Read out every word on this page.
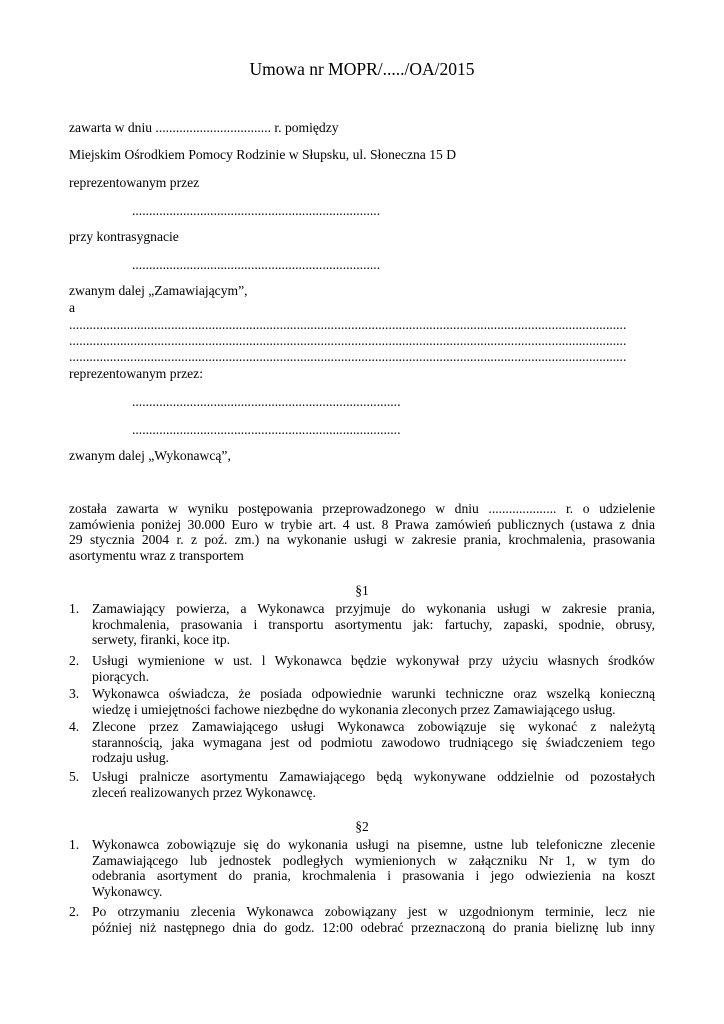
Umowa nr MOPR/...../OA/2015
zawarta w dniu .................................. r. pomiędzy
Miejskim Ośrodkiem Pomocy Rodzinie w Słupsku, ul. Słoneczna 15 D
reprezentowanym przez
.........................................................................
przy kontrasygnacie
.........................................................................
zwanym dalej „Zamawiającym”,
a
....................................................................................................................................................................
....................................................................................................................................................................
....................................................................................................................................................................
reprezentowanym przez:
...............................................................................
...............................................................................
zwanym dalej „Wykonawcą”,
została zawarta w wyniku postępowania przeprowadzonego w dniu .................... r. o udzielenie
zamówienia poniżej 30.000 Euro w trybie art. 4 ust. 8 Prawa zamówień publicznych (ustawa z dnia
29 stycznia 2004 r. z poź. zm.) na wykonanie usługi w zakresie prania, krochmalenia, prasowania
asortymentu wraz z transportem
§1
1. Zamawiający powierza, a Wykonawca przyjmuje do wykonania usługi w zakresie prania,
krochmalenia, prasowania i transportu asortymentu jak: fartuchy, zapaski, spodnie, obrusy,
serwety, firanki, koce itp.
2. Usługi wymienione w ust. l Wykonawca będzie wykonywał przy użyciu własnych środków
piorących.
3. Wykonawca oświadcza, że posiada odpowiednie warunki techniczne oraz wszelką konieczną
wiedzę i umiejętności fachowe niezbędne do wykonania zleconych przez Zamawiającego usług.
4. Zlecone przez Zamawiającego usługi Wykonawca zobowiązuje się wykonać z należytą
starannością, jaka wymagana jest od podmiotu zawodowo trudniącego się świadczeniem tego
rodzaju usług.
5. Usługi pralnicze asortymentu Zamawiającego będą wykonywane oddzielnie od pozostałych
zleceń realizowanych przez Wykonawcę.
§2
1. Wykonawca zobowiązuje się do wykonania usługi na pisemne, ustne lub telefoniczne zlecenie
Zamawiającego lub jednostek podległych wymienionych w załączniku Nr 1, w tym do
odebrania asortyment do prania, krochmalenia i prasowania i jego odwiezienia na koszt
Wykonawcy.
2. Po otrzymaniu zlecenia Wykonawca zobowiązany jest w uzgodnionym terminie, lecz nie
później niż następnego dnia do godz. 12:00 odebrać przeznaczoną do prania bieliznę lub inny
